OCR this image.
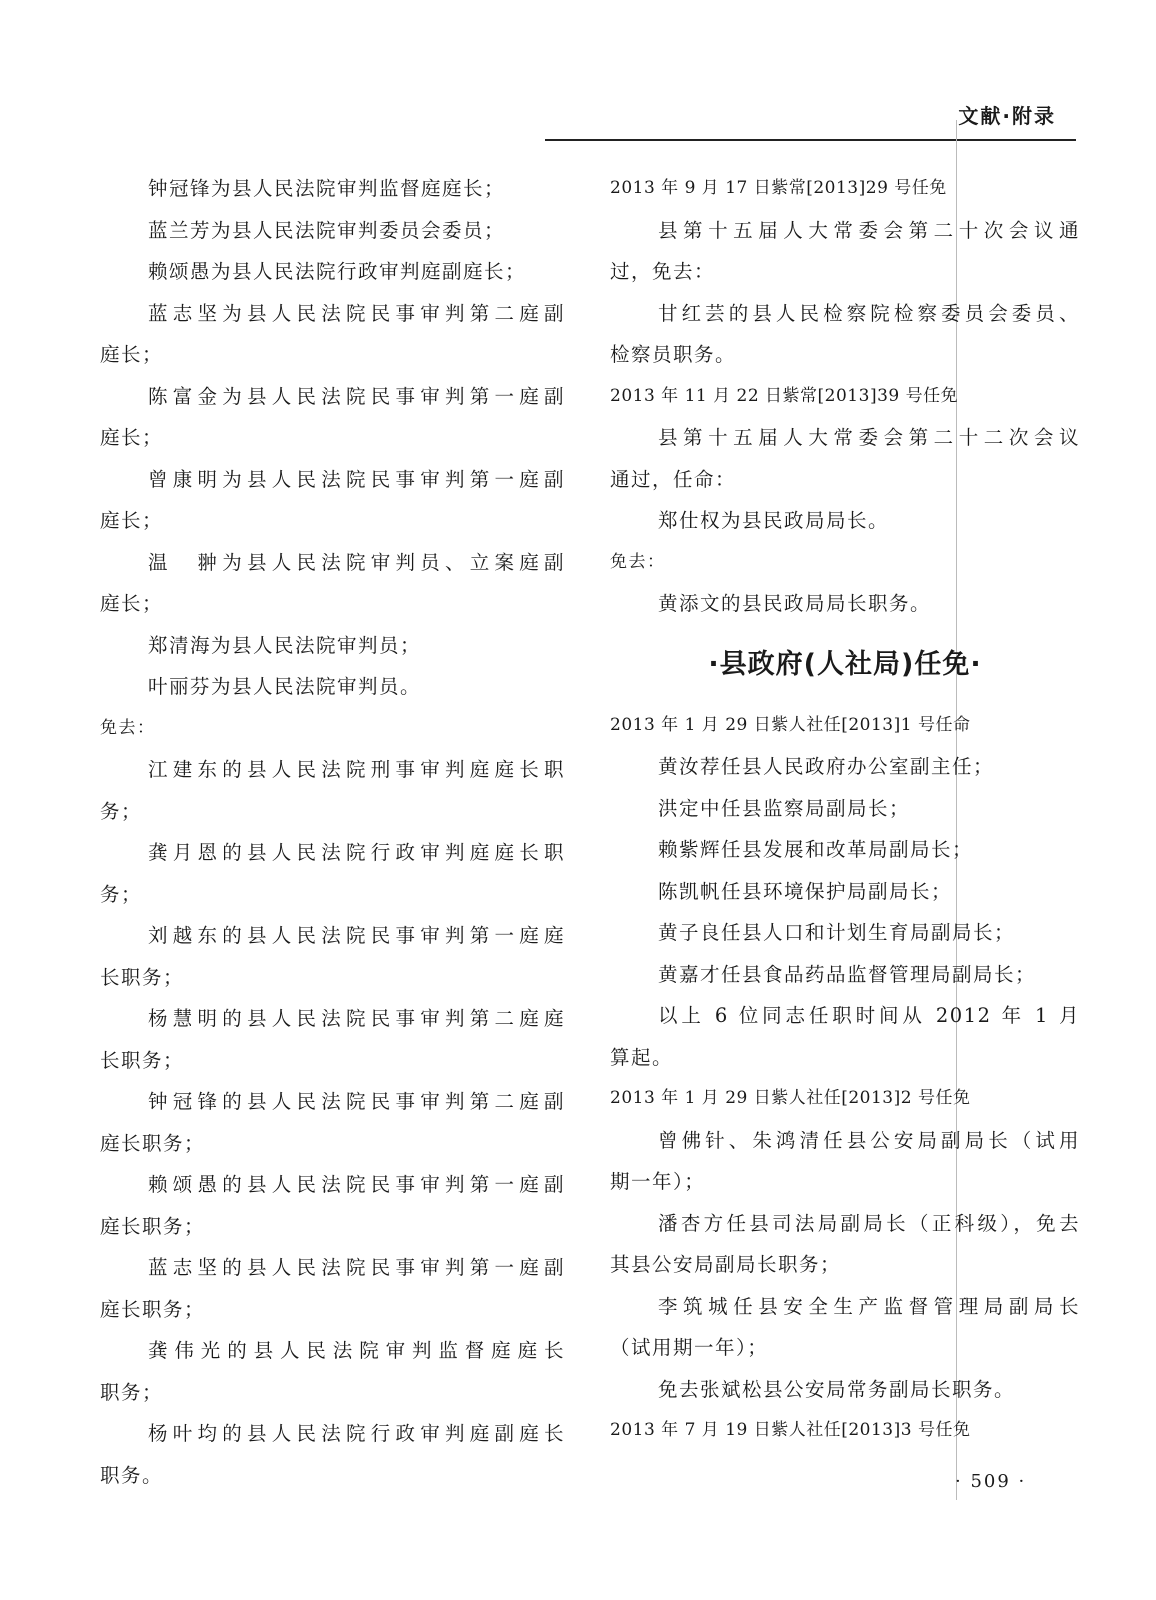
文献·附录
钟冠锋为县人民法院审判监督庭庭长；
蓝兰芳为县人民法院审判委员会委员；
赖颂愚为县人民法院行政审判庭副庭长；
蓝志坚为县人民法院民事审判第二庭副
庭长；
陈富金为县人民法院民事审判第一庭副
庭长；
曾康明为县人民法院民事审判第一庭副
庭长；
温　翀为县人民法院审判员、立案庭副
庭长；
郑清海为县人民法院审判员；
叶丽芬为县人民法院审判员。
免去：
江建东的县人民法院刑事审判庭庭长职
务；
龚月恩的县人民法院行政审判庭庭长职
务；
刘越东的县人民法院民事审判第一庭庭
长职务；
杨慧明的县人民法院民事审判第二庭庭
长职务；
钟冠锋的县人民法院民事审判第二庭副
庭长职务；
赖颂愚的县人民法院民事审判第一庭副
庭长职务；
蓝志坚的县人民法院民事审判第一庭副
庭长职务；
龚伟光的县人民法院审判监督庭庭长
职务；
杨叶均的县人民法院行政审判庭副庭长
职务。
2013 年 9 月 17 日紫常[2013]29 号任免
县第十五届人大常委会第二十次会议通
过，免去：
甘红芸的县人民检察院检察委员会委员、
检察员职务。
2013 年 11 月 22 日紫常[2013]39 号任免
县第十五届人大常委会第二十二次会议
通过，任命：
郑仕权为县民政局局长。
免去：
黄添文的县民政局局长职务。
·县政府(人社局)任免·
2013 年 1 月 29 日紫人社任[2013]1 号任命
黄汝荐任县人民政府办公室副主任；
洪定中任县监察局副局长；
赖紫辉任县发展和改革局副局长；
陈凯帆任县环境保护局副局长；
黄子良任县人口和计划生育局副局长；
黄嘉才任县食品药品监督管理局副局长；
以上 6 位同志任职时间从 2012 年 1 月
算起。
2013 年 1 月 29 日紫人社任[2013]2 号任免
曾佛针、朱鸿清任县公安局副局长（试用
期一年）；
潘杏方任县司法局副局长（正科级），免去
其县公安局副局长职务；
李筑城任县安全生产监督管理局副局长
（试用期一年）；
免去张斌松县公安局常务副局长职务。
2013 年 7 月 19 日紫人社任[2013]3 号任免
· 509 ·
